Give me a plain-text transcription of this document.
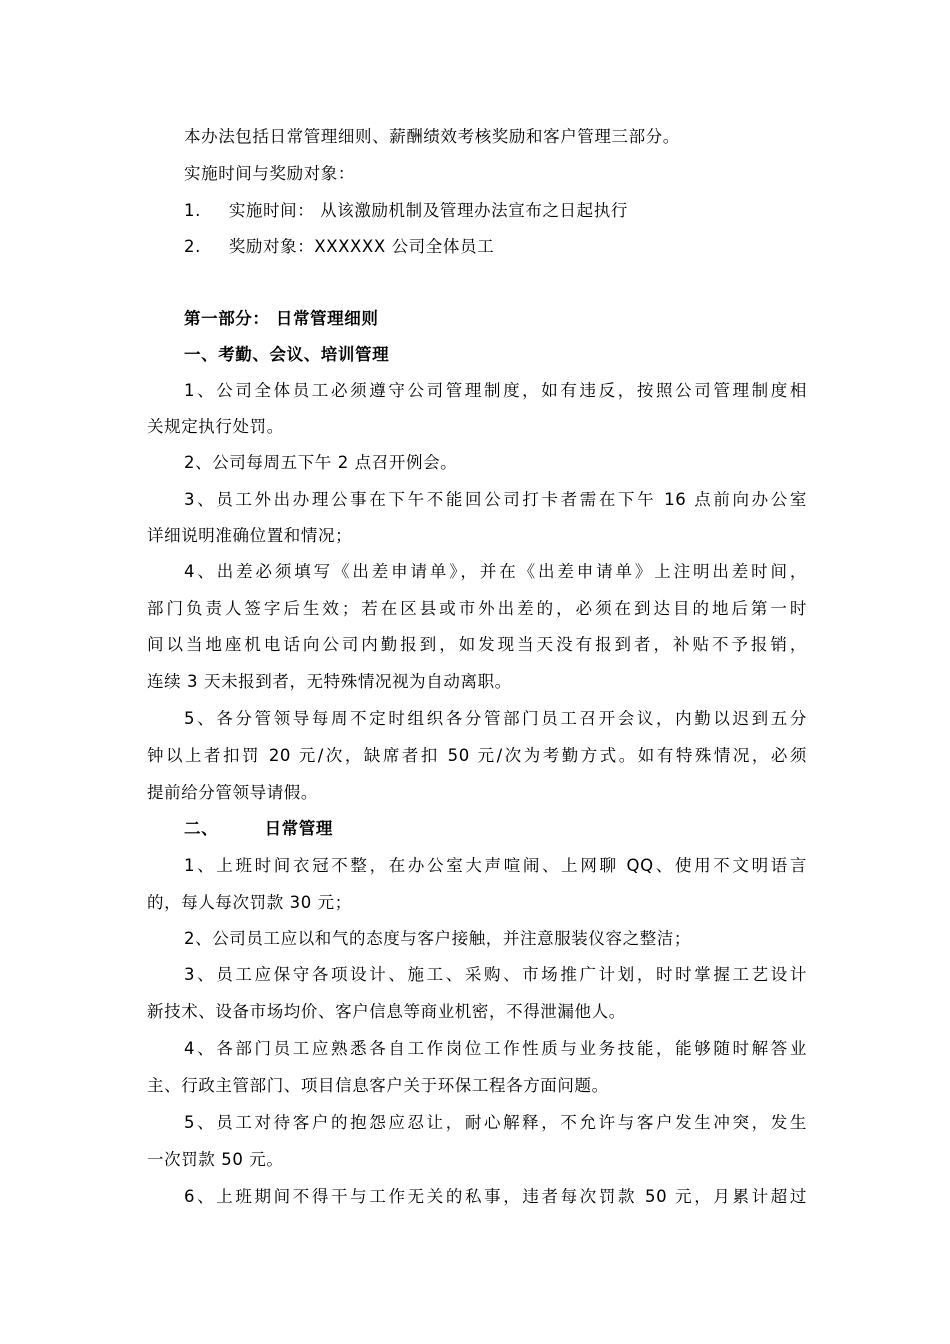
本办法包括日常管理细则、薪酬绩效考核奖励和客户管理三部分。
实施时间与奖励对象：
1. 实施时间： 从该激励机制及管理办法宣布之日起执行
2. 奖励对象：XXXXXX 公司全体员工
第一部分： 日常管理细则
一、考勤、会议、培训管理
1、公司全体员工必须遵守公司管理制度，如有违反，按照公司管理制度相
关规定执行处罚。
2、公司每周五下午 2 点召开例会。
3、员工外出办理公事在下午不能回公司打卡者需在下午 16 点前向办公室
详细说明准确位置和情况；
4、出差必须填写《出差申请单》，并在《出差申请单》上注明出差时间，
部门负责人签字后生效；若在区县或市外出差的，必须在到达目的地后第一时
间以当地座机电话向公司内勤报到，如发现当天没有报到者，补贴不予报销，
连续 3 天未报到者，无特殊情况视为自动离职。
5、各分管领导每周不定时组织各分管部门员工召开会议，内勤以迟到五分
钟以上者扣罚 20 元/次，缺席者扣 50 元/次为考勤方式。如有特殊情况，必须
提前给分管领导请假。
二、	日常管理
1、上班时间衣冠不整，在办公室大声喧闹、上网聊 QQ、使用不文明语言
的，每人每次罚款 30 元；
2、公司员工应以和气的态度与客户接触，并注意服装仪容之整洁；
3、员工应保守各项设计、施工、采购、市场推广计划，时时掌握工艺设计
新技术、设备市场均价、客户信息等商业机密，不得泄漏他人。
4、各部门员工应熟悉各自工作岗位工作性质与业务技能，能够随时解答业
主、行政主管部门、项目信息客户关于环保工程各方面问题。
5、员工对待客户的抱怨应忍让，耐心解释，不允许与客户发生冲突，发生
一次罚款 50 元。
6、上班期间不得干与工作无关的私事，违者每次罚款 50 元，月累计超过
